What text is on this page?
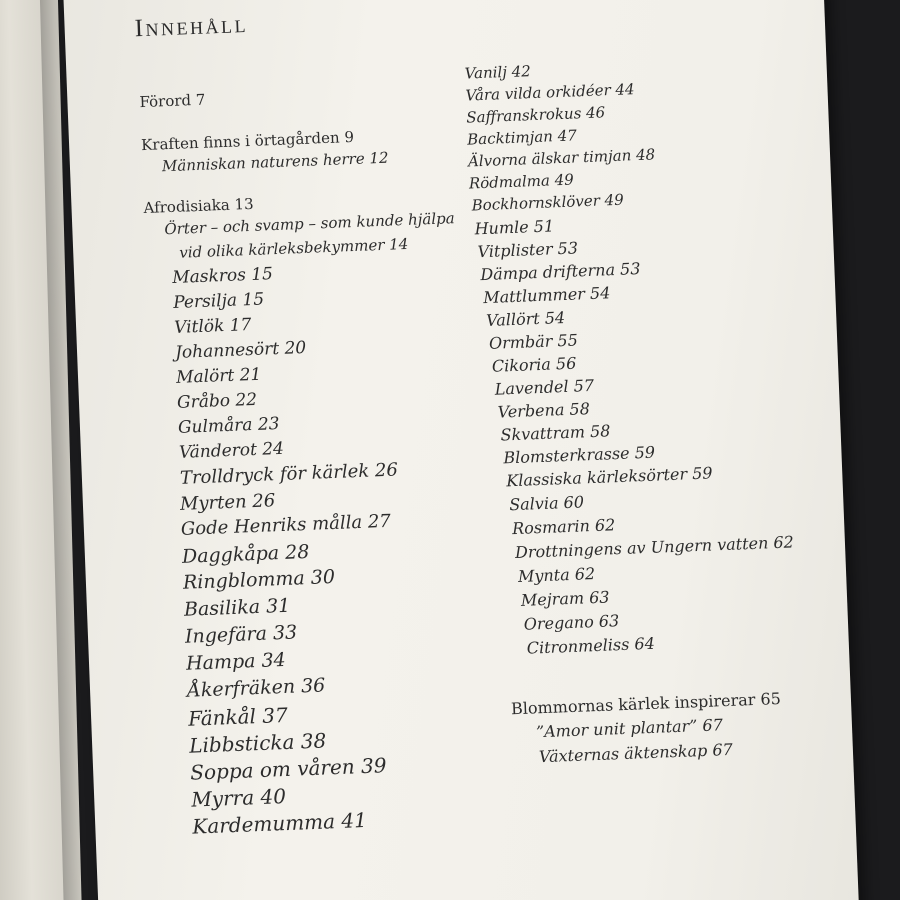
Innehåll
Förord 7
Kraften finns i örtagården 9
Människan naturens herre 12
Afrodisiaka 13
Örter – och svamp – som kunde hjälpa
vid olika kärleksbekymmer 14
Maskros 15
Persilja 15
Vitlök 17
Johannesört 20
Malört 21
Gråbo 22
Gulmåra 23
Vänderot 24
Trolldryck för kärlek 26
Myrten 26
Gode Henriks målla 27
Daggkåpa 28
Ringblomma 30
Basilika 31
Ingefära 33
Hampa 34
Åkerfräken 36
Fänkål 37
Libbsticka 38
Soppa om våren 39
Myrra 40
Kardemumma 41
Vanilj 42
Våra vilda orkidéer 44
Saffranskrokus 46
Backtimjan 47
Älvorna älskar timjan 48
Rödmalma 49
Bockhornsklöver 49
Humle 51
Vitplister 53
Dämpa drifterna 53
Mattlummer 54
Vallört 54
Ormbär 55
Cikoria 56
Lavendel 57
Verbena 58
Skvattram 58
Blomsterkrasse 59
Klassiska kärleksörter 59
Salvia 60
Rosmarin 62
Drottningens av Ungern vatten 62
Mynta 62
Mejram 63
Oregano 63
Citronmeliss 64
Blommornas kärlek inspirerar 65
”Amor unit plantar” 67
Växternas äktenskap 67
